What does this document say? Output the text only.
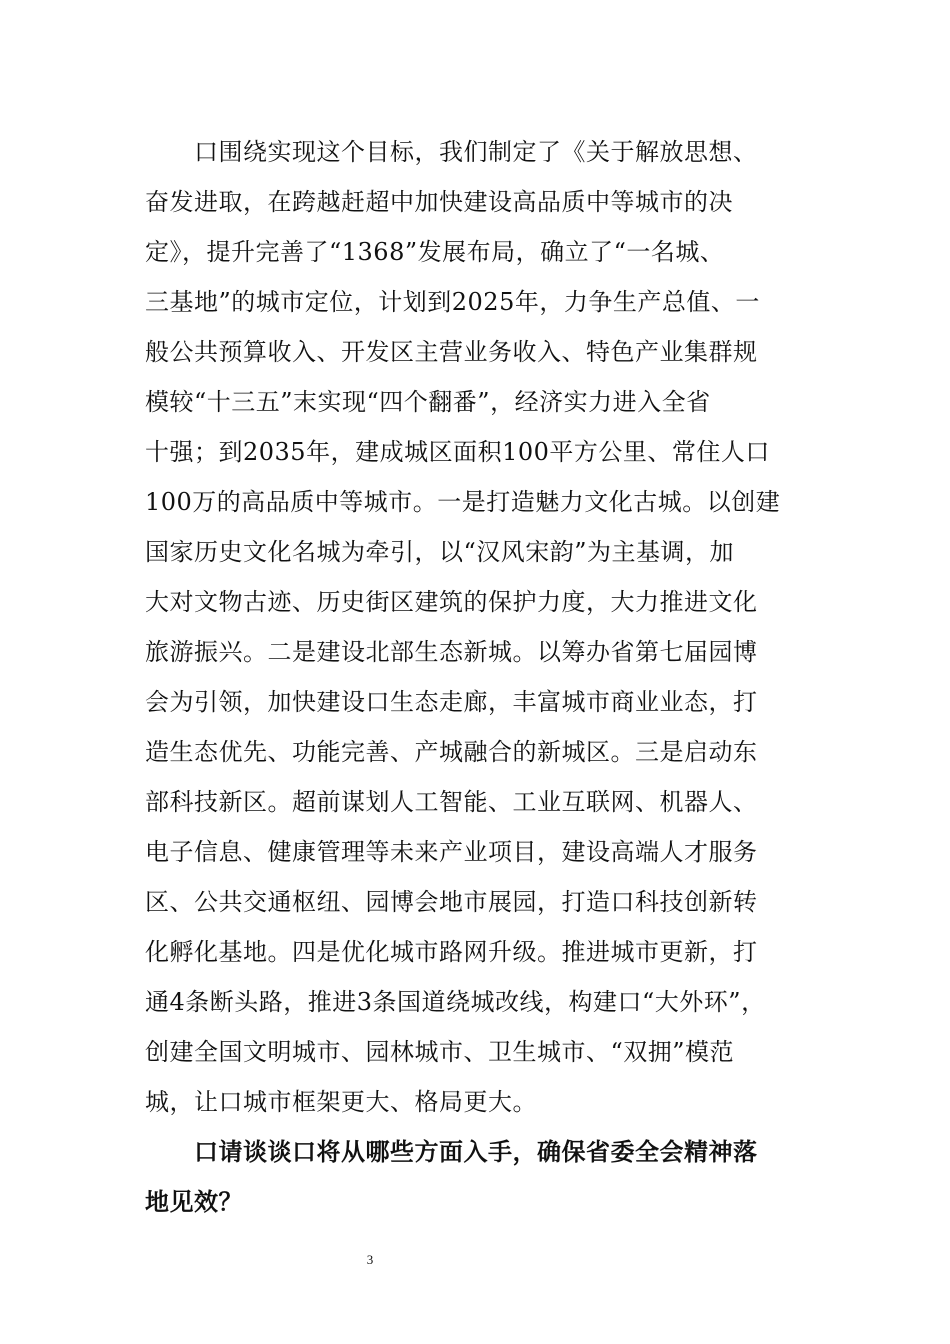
　　口围绕实现这个目标，我们制定了《关于解放思想、
奋发进取，在跨越赶超中加快建设高品质中等城市的决
定》，提升完善了“1368”发展布局，确立了“一名城、
三基地”的城市定位，计划到2025年，力争生产总值、一
般公共预算收入、开发区主营业务收入、特色产业集群规
模较“十三五”末实现“四个翻番”，经济实力进入全省
十强；到2035年，建成城区面积100平方公里、常住人口
100万的高品质中等城市。一是打造魅力文化古城。以创建
国家历史文化名城为牵引，以“汉风宋韵”为主基调，加
大对文物古迹、历史街区建筑的保护力度，大力推进文化
旅游振兴。二是建设北部生态新城。以筹办省第七届园博
会为引领，加快建设口生态走廊，丰富城市商业业态，打
造生态优先、功能完善、产城融合的新城区。三是启动东
部科技新区。超前谋划人工智能、工业互联网、机器人、
电子信息、健康管理等未来产业项目，建设高端人才服务
区、公共交通枢纽、园博会地市展园，打造口科技创新转
化孵化基地。四是优化城市路网升级。推进城市更新，打
通4条断头路，推进3条国道绕城改线，构建口“大外环”，
创建全国文明城市、园林城市、卫生城市、“双拥”模范
城，让口城市框架更大、格局更大。
　　口请谈谈口将从哪些方面入手，确保省委全会精神落
地见效？
3
